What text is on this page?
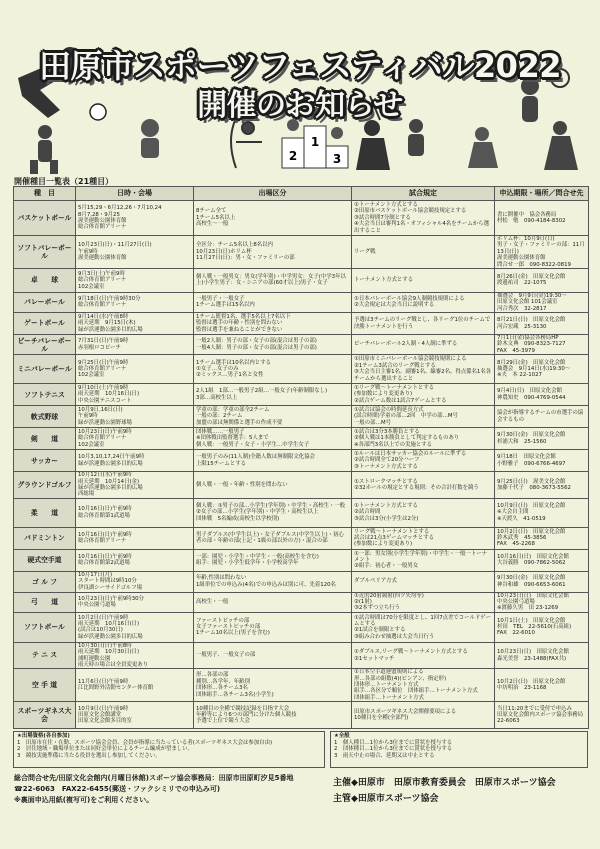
2
1
3
田原市スポーツフェスティバル2022
開催のお知らせ
開催種目一覧表（21種目）
種　目	日時・会場	出場区分	試合規定	申込期限・場所／問合せ先
バスケットボール	5月15,29・6月12,26・7月10,24
8月7,28・9月25
渥美運動公園体育館
総合体育館アリーナ	8チーム全て
1チーム5名以上
高校生～一般	①トーナメント方式とする
②田原市バスケットボール協会競技規定とする
③試合時間7分制とする
④大会当日は審判1名・オフィシャル4名をチームから選出すること	書に開催中　協会各務局
村松　勉　090-4184-8302
ソフトバレーボール	10月23日(日)・11月27日(日)
午前9時
渥美運動公園体育館	全区分：チーム5名以上8名以内
10月23日(日)ホリム杯
11月27日(日)：男・女・ファミリーの部	リーグ戦	ホリム杯：10月9日(日)
男子・女子・ファミリーの部：11月13日(日)
渥美運動公園体育館
問合せ一郎　090-8322-0819
卓　　球	9月3日(土)午前9時
総合体育館アリーナ
102会議室	個人戦・一般男女：男女(学年別)・中学男女：女子(中学3年以上)小学生男子：女・シニアの部(60才以上)男子・女子	トーナメント方式とする	8月26日(金)　田原文化会館
渡邊祐司　22-1075
バレーボール	9月18日(日)午前9時30分
総合体育館アリーナ	一般男子・一般女子
1チーム選手は15名以内	①日本バレーボール協会9人制競技規則による
②大会規定は大会当日に説明する	抽選会　9月9日(金)19:30～
田原文化会館 101会議室
河合秀次　32-2817
ゲートボール	9月14日(水)午前8時
雨天延期　9月15日(木)
緑が浜運動公園多目的広場	1チーム監督1名、選手5名以上7名以下
監督は選手の年齢・性別を問わない
監督は選手を兼ねることができない	予選は3チームのリーグ戦とし、各リーグ1位のチームで決勝トーナメントを行う	8月21日(日)　田原文化会館
河合宏蔵　25-3130
ビーチバレーボール	7月31日(日)午前9時
赤羽根ロコビーチ	一般2人制：男子の部・女子の部(混合は男子の部)
一般4人制：男子の部・女子の部(混合は男子の部)	ビーチバレーボール2人制・4人制に準ずる	7月1日(金)協会各務局HP
鈴木文典　090-8323-7127
FAX　45-3979
ミニバレーボール	9月25日(日)午前9時
総合体育館アリーナ
102会議室	1チーム選手は10名以内とする
①女子…女子のみ
②ミックス…男子1名と女性	①田原市ミニバレーボール協会競技規則による
②1チーム3試合のリーグ戦とする
③大会当日主審1名、副審1名、線審2名、得点係名1名各チームから選出すること	8月29日(金)　田原文化会館
抽選会　9月14日(水)19:30～
※夫　本 22-1027
ソフトテニス	9月10日(土)午前9時
雨天延期　10月16日(日)
中央公園テニスコート	2人1組　1部…一般男子2組…一般女子(年齢制限なし)
3部…高校生以上	①リーグ戦～トーナメントとする
(参加数により変更あり)
②試合ゲーム数は1試合7ゲームとする	9月4日(日)　田原文化会館
神農知史　090-4769-0544
軟式野球	10月9日,16日(日)
午前9時
緑が浜運動公園野球場	学童の部：学童の部全2チーム
一般の部：2チーム
加盟の部は無関係と選手の作成不要	①試合は協会の時間延長方式
(試合時間)学童の部…2回　中学の部…M号
一般の部…M号	協会が指導するチームの市選手の協会するもの
剣　　道	10月23日(日)午前9時
総合体育館アリーナ
102会議室	団体戦……一般男子
※団体戦出監督選手：5人まで
個人戦：一般男子・女子・小学生…中学生女子	①試合は3分3本勝負とする
②個人戦は1本勝負として判定するものあり
※各部門3名以上での実施とする	9月30日(金)　田原文化会館
杉浦大和　25-1560
サッカー	10月3,10,17,24日午前9時
緑が浜運動公園多目的広場	一般男子のみ(11人制)全籍人数は無制限文化協会
上限15チームとする	①ルールは日本サッカー協会のルールに準ずる
②試合時間全て20分ハーフ
③トーナメント方式とする	9月18日　田原文化会館
小野雅子　090-6766-4697
グラウンドゴルフ	10月12日(水)午前9時
雨天延期　10月14日(金)
緑が浜運動公園多目的広場
西総場	個人戦・一般・年齢・性別を問わない	①ストロークマッチとする
②32ホールの規定とする規則：その合計打数を競う	9月25日(日)　渥美文化会館
加藤千代子　080-3673-5562
柔　　道	10月16日(日)午前9時
総合体育館第1武道場	個人戦：①男子の部…小学生(学年別)・中学生・高校生・一般
②女子の部…小学生(学年別)・中学生・高校生以上
団体戦　5名編成(高校生以学校別)	①トーナメント方式とする
②試合時間
③試合は3分(小学生は2分)	10月9日(日)　田原文化会館
※大会自主間
※天渡久　41-0519
バドミントン	10月16日(日)午前9時
総合体育館アリーナ	男子ダブルス(中学生以上)・女子ダブルス(中学生以上)・初心者の部・年齢の部(上記・1級の部以外の方)・混合の部	リーグ戦～トーナメントとする
試合は21点3ゲームマッチとする
(参加数により変更あり)	10月2日(日)　田原文化会館
鈴木武秀　45-3856
FAX　45-2268
硬式空手道	10月16日(日)午前9時
総合体育館第2武道場	一部：園児・小学生・中学生・一般(高校生を含む)
組手：園児・小学生低学年・小学校高学年	①一部：男女別(小学生学年別)・中学生・一般一トーナメント
②組手：初心者・一般男女	10月16日(日)　田原文化会館
大谷義勝　090-7862-5062
ゴ ル フ	10月17日(月)
スタート時間は9時10分
伊良湖シーサイドゴルフ場	年齢,性別は問わない
1組単位での申込み(4名)での申込みは別に可、先着120名	ダブルペリア方式	9月30日(金)　田原文化会館
神谷和雄　090-6653-6061
弓　　道	10月23日(日)午前9時30分
中央公園弓道場	高校生・一般	①近的20射競射(四ツ矢均等)
②(1射)
③2本ずつ立ち行う	10月23日(日)　田原文化会館
中央公園弓道場
※渡藤久男　田 23-1269
ソフトボール	10月2日(日)午前9時
雨天延期　10月16日(日)
(試合は10月30日)
緑が浜運動公園多目的広場	ファーストピッチの部
女子ファーストピッチの部
1チーム10名以上(男子を含む)	①試合時間は70分を限度とし、1回7点差でコールドゲームとする
②1試合を制限とする
③組み合わせ抽選は大会当日行う	10月1日(土)　田原文化会館
杉田　TEL　22-5610(石高組)
FAX　22-6010
テ ニ ス	10月30日(日)午前8時
雨天延期　10月30日(日)
浦町運動公園
雨天時の場合は全員変更あり	一般男子、一般女子の部	①ダブルス,リーグ戦～トーナメント方式とする
②1セットマッチ	10月23日(日)　田原文化会館
森光美誉　23-1488(FAX共)
空 手 道	11月6日(日)午前9時
江比間野外活動センター体育館	形…各部の部
種別…各学年、年齢別
団体形…各チーム3名
団体組手…各チーム3名(小学生)	①日本空手道連盟規則による
形…各部の組数(4)(ピンアン、指定形)
団体形…トーナメント方式
組手…各区分で順位　団体組手…トーナメント方式
団体組手…トーナメント方式	10月2日(日)　田原文化会館
中坊明治　23-1168
スポーツギネス大会	10月9日(日)午前9時
田原文化会館講堂
田原文化会館多目的室	10種目の全種で競技記録を目指す大会
年齢等により6つの部門に分けた個人競技
予選で上位で競う大会	田原市スポーツギネス大会開催要項による
10種目を全種(全部門)	当日11:20までに受付で申込み
田原文化会館内スポーツ協会事務局
22-6063
★出場資格(各自参加)
1　田原市在住・在勤、スポーツ協会会員、会員が指導に当たっている者(スポーツギネス大会は参加自由)
2　居住地域・職場単位または同好会単位によるチーム編成が望ましい。
3　競技実施準備に当たる役員を選出し参加してください。
★全般
1　個人種目…1位から3位までに賞状を授与する
2　団体種目…1位から3位までに賞状を授与する
3　雨天中止の場合、延期又は中止とする
総合問合せ先/田原文化会館内(月曜日休館)スポーツ協会事務局：田原市田原町汐見5番地
☎22-6063　FAX22-6455(郵送・ファクシミリでの申込み可)
※裏面申込用紙(複写可)をご利用ください。
主催◆田原市　田原市教育委員会　田原市スポーツ協会
主管◆田原市スポーツ協会
